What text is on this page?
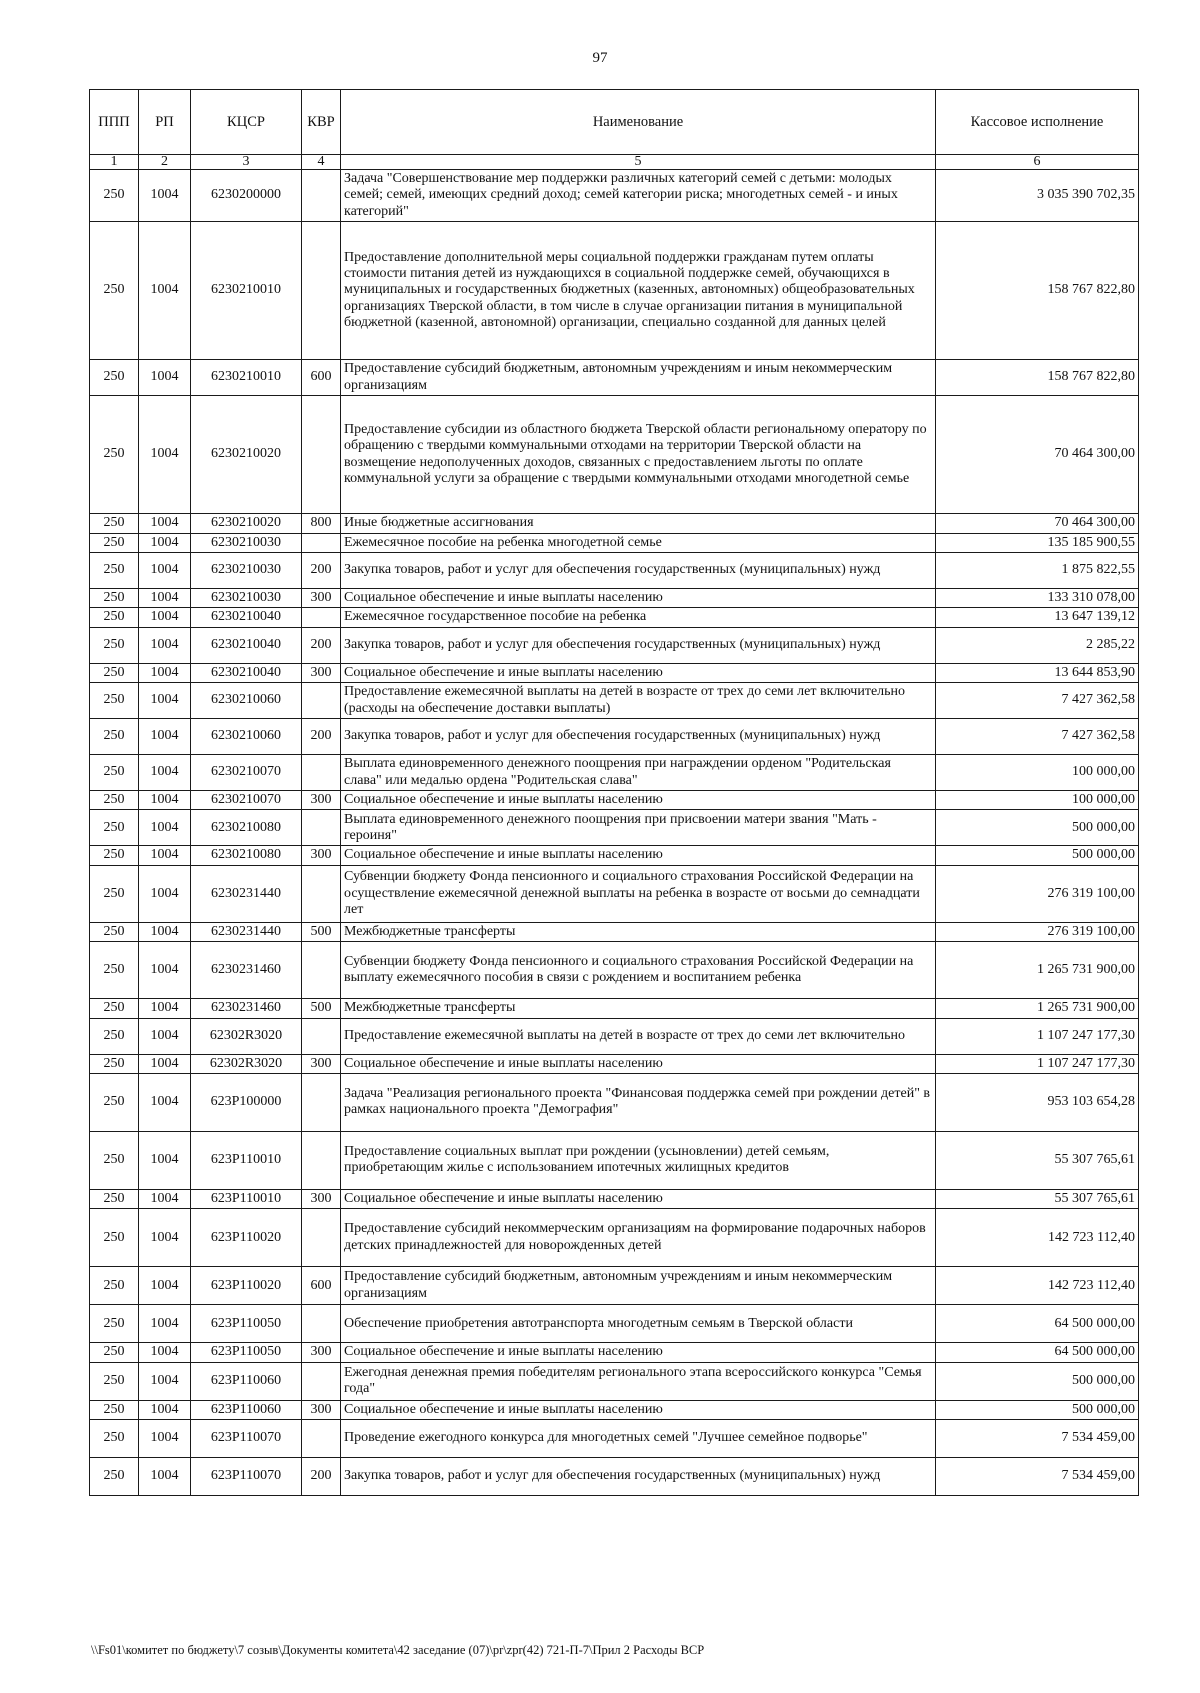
97
ППП	РП	КЦСР	КВР	Наименование	Кассовое исполнение
1	2	3	4	5	6
250	1004	6230200000		Задача "Совершенствование мер поддержки различных категорий семей с детьми: молодых семей; семей, имеющих средний доход; семей категории риска; многодетных семей - и иных категорий"	3 035 390 702,35
250	1004	6230210010		Предоставление дополнительной меры социальной поддержки гражданам путем оплаты стоимости питания детей из нуждающихся в социальной поддержке семей, обучающихся в муниципальных и государственных бюджетных (казенных, автономных) общеобразовательных организациях Тверской области, в том числе в случае организации питания в муниципальной бюджетной (казенной, автономной) организации, специально созданной для данных целей	158 767 822,80
250	1004	6230210010	600	Предоставление субсидий бюджетным, автономным учреждениям и иным некоммерческим организациям	158 767 822,80
250	1004	6230210020		Предоставление субсидии из областного бюджета Тверской области региональному оператору по обращению с твердыми коммунальными отходами на территории Тверской области на возмещение недополученных доходов, связанных с предоставлением льготы по оплате коммунальной услуги за обращение с твердыми коммунальными отходами многодетной семье	70 464 300,00
250	1004	6230210020	800	Иные бюджетные ассигнования	70 464 300,00
250	1004	6230210030		Ежемесячное пособие на ребенка многодетной семье	135 185 900,55
250	1004	6230210030	200	Закупка товаров, работ и услуг для обеспечения государственных (муниципальных) нужд	1 875 822,55
250	1004	6230210030	300	Социальное обеспечение и иные выплаты населению	133 310 078,00
250	1004	6230210040		Ежемесячное государственное пособие на ребенка	13 647 139,12
250	1004	6230210040	200	Закупка товаров, работ и услуг для обеспечения государственных (муниципальных) нужд	2 285,22
250	1004	6230210040	300	Социальное обеспечение и иные выплаты населению	13 644 853,90
250	1004	6230210060		Предоставление ежемесячной выплаты на детей в возрасте от трех до семи лет включительно (расходы на обеспечение доставки выплаты)	7 427 362,58
250	1004	6230210060	200	Закупка товаров, работ и услуг для обеспечения государственных (муниципальных) нужд	7 427 362,58
250	1004	6230210070		Выплата единовременного денежного поощрения при награждении орденом "Родительская слава" или медалью ордена "Родительская слава"	100 000,00
250	1004	6230210070	300	Социальное обеспечение и иные выплаты населению	100 000,00
250	1004	6230210080		Выплата единовременного денежного поощрения при присвоении матери звания "Мать - героиня"	500 000,00
250	1004	6230210080	300	Социальное обеспечение и иные выплаты населению	500 000,00
250	1004	6230231440		Субвенции бюджету Фонда пенсионного и социального страхования Российской Федерации на осуществление ежемесячной денежной выплаты на ребенка в возрасте от восьми до семнадцати лет	276 319 100,00
250	1004	6230231440	500	Межбюджетные трансферты	276 319 100,00
250	1004	6230231460		Субвенции бюджету Фонда пенсионного и социального страхования Российской Федерации на выплату ежемесячного пособия в связи с рождением и воспитанием ребенка	1 265 731 900,00
250	1004	6230231460	500	Межбюджетные трансферты	1 265 731 900,00
250	1004	62302R3020		Предоставление ежемесячной выплаты на детей в возрасте от трех до семи лет включительно	1 107 247 177,30
250	1004	62302R3020	300	Социальное обеспечение и иные выплаты населению	1 107 247 177,30
250	1004	623P100000		Задача "Реализация регионального проекта "Финансовая поддержка семей при рождении детей" в рамках национального проекта "Демография"	953 103 654,28
250	1004	623P110010		Предоставление социальных выплат при рождении (усыновлении) детей семьям, приобретающим жилье с использованием ипотечных жилищных кредитов	55 307 765,61
250	1004	623P110010	300	Социальное обеспечение и иные выплаты населению	55 307 765,61
250	1004	623P110020		Предоставление субсидий некоммерческим организациям на формирование подарочных наборов детских принадлежностей для новорожденных детей	142 723 112,40
250	1004	623P110020	600	Предоставление субсидий бюджетным, автономным учреждениям и иным некоммерческим организациям	142 723 112,40
250	1004	623P110050		Обеспечение приобретения автотранспорта многодетным семьям в Тверской области	64 500 000,00
250	1004	623P110050	300	Социальное обеспечение и иные выплаты населению	64 500 000,00
250	1004	623P110060		Ежегодная денежная премия победителям регионального этапа всероссийского конкурса "Семья года"	500 000,00
250	1004	623P110060	300	Социальное обеспечение и иные выплаты населению	500 000,00
250	1004	623P110070		Проведение ежегодного конкурса для многодетных семей "Лучшее семейное подворье"	7 534 459,00
250	1004	623P110070	200	Закупка товаров, работ и услуг для обеспечения государственных (муниципальных) нужд	7 534 459,00
\\Fs01\комитет по бюджету\7 созыв\Документы комитета\42 заседание (07)\pr\zpr(42) 721-П-7\Прил 2 Расходы ВСР
